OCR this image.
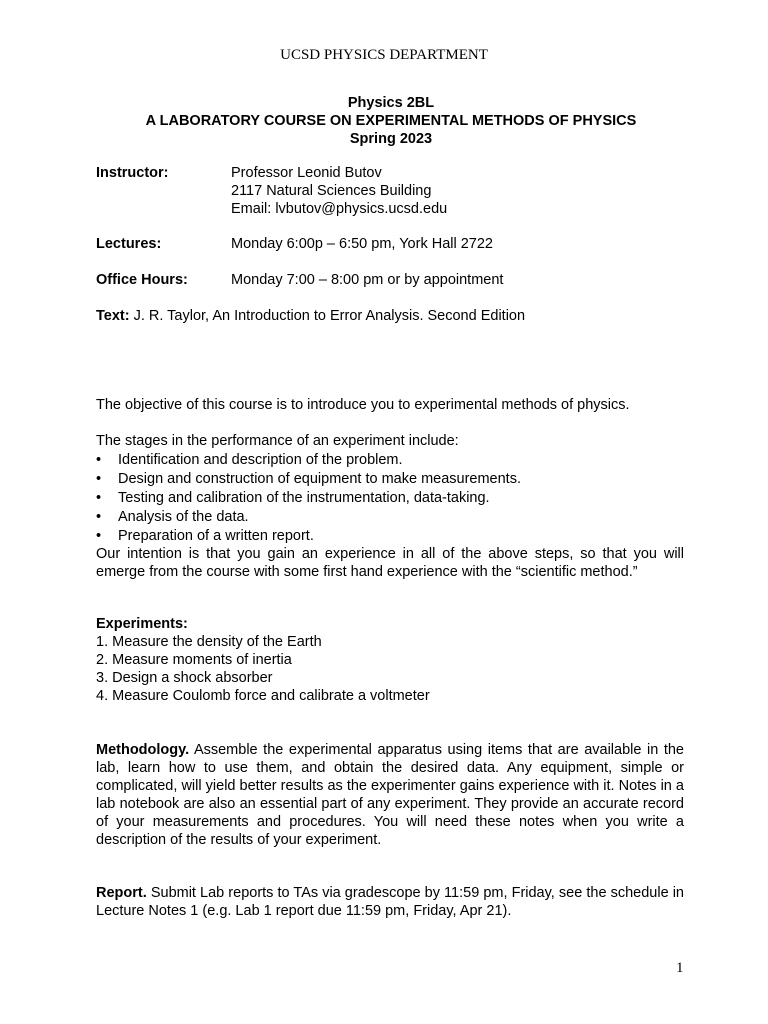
UCSD PHYSICS DEPARTMENT
Physics 2BL
A LABORATORY COURSE ON EXPERIMENTAL METHODS OF PHYSICS
Spring 2023
Instructor:	Professor Leonid Butov
2117 Natural Sciences Building
Email: lvbutov@physics.ucsd.edu
Lectures:	Monday 6:00p – 6:50 pm, York Hall 2722
Office Hours:	Monday 7:00 – 8:00 pm or by appointment
Text: J. R. Taylor, An Introduction to Error Analysis. Second Edition
The objective of this course is to introduce you to experimental methods of physics.
The stages in the performance of an experiment include:
• Identification and description of the problem.
• Design and construction of equipment to make measurements.
• Testing and calibration of the instrumentation, data-taking.
• Analysis of the data.
• Preparation of a written report.
Our intention is that you gain an experience in all of the above steps, so that you will emerge from the course with some first hand experience with the “scientific method.”
Experiments:
1. Measure the density of the Earth
2. Measure moments of inertia
3. Design a shock absorber
4. Measure Coulomb force and calibrate a voltmeter
Methodology. Assemble the experimental apparatus using items that are available in the lab, learn how to use them, and obtain the desired data. Any equipment, simple or complicated, will yield better results as the experimenter gains experience with it. Notes in a lab notebook are also an essential part of any experiment. They provide an accurate record of your measurements and procedures. You will need these notes when you write a description of the results of your experiment.
Report. Submit Lab reports to TAs via gradescope by 11:59 pm, Friday, see the schedule in Lecture Notes 1 (e.g. Lab 1 report due 11:59 pm, Friday, Apr 21).
1
